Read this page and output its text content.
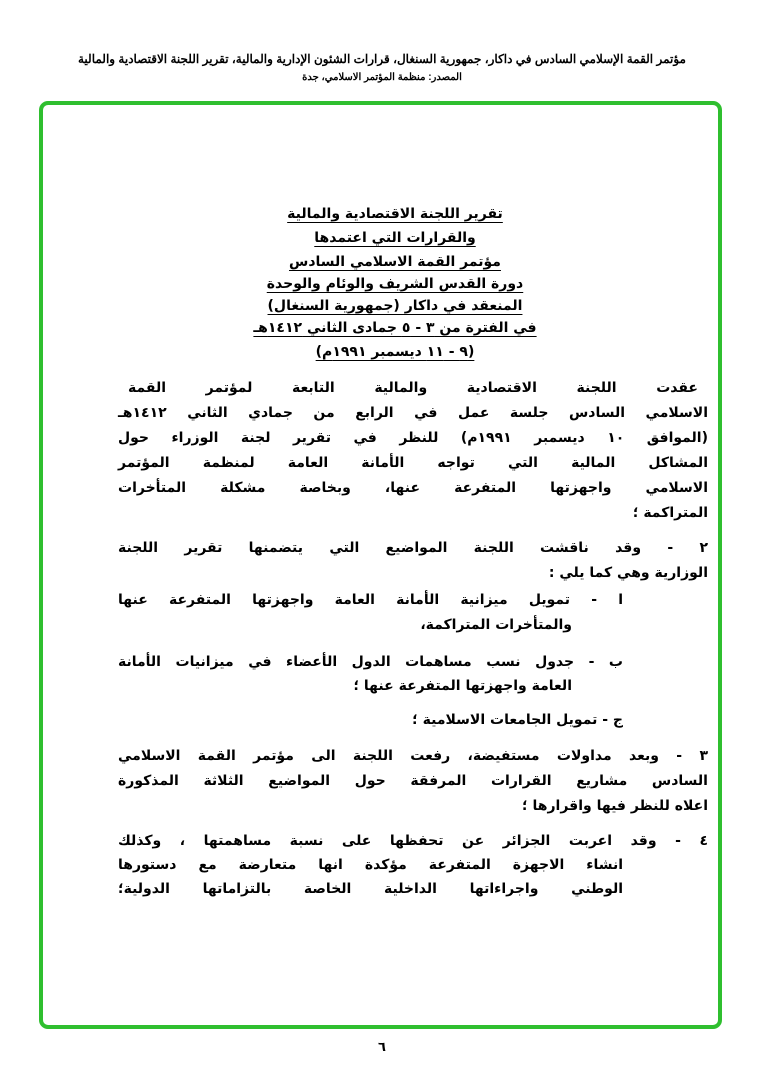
مؤتمر القمة الإسلامي السادس في داكار، جمهورية السنغال، قرارات الشئون الإدارية والمالية، تقرير اللجنة الاقتصادية والمالية
المصدر: منظمة المؤتمر الاسلامي، جدة
تقرير اللجنة الاقتصادية والمالية
والقرارات التي اعتمدها
مؤتمر القمة الاسلامي السادس
دورة القدس الشريف والوئام والوحدة
المنعقد في داكار (جمهورية السنغال)
في الفترة من ٣ - ٥ جمادى الثاني ١٤١٢هـ
(٩ - ١١ ديسمبر ١٩٩١م)
عقدت اللجنة الاقتصادية والمالية التابعة لمؤتمر القمة
الاسلامي السادس جلسة عمل في الرابع من جمادي الثاني ١٤١٢هـ
(الموافق ١٠ ديسمبر ١٩٩١م) للنظر في تقرير لجنة الوزراء حول
المشاكل المالية التي تواجه الأمانة العامة لمنظمة المؤتمر
الاسلامي واجهزتها المتفرعة عنها، وبخاصة مشكلة المتأخرات
المتراكمة ؛
٢ - وقد ناقشت اللجنة المواضيع التي يتضمنها تقرير اللجنة
الوزارية وهي كما يلي :
ا - تمويل ميزانية الأمانة العامة واجهزتها المتفرعة عنها
والمتأخرات المتراكمة،
ب - جدول نسب مساهمات الدول الأعضاء في ميزانيات الأمانة
العامة واجهزتها المتفرعة عنها ؛
ج - تمويل الجامعات الاسلامية ؛
٣ - وبعد مداولات مستفيضة، رفعت اللجنة الى مؤتمر القمة الاسلامي
السادس مشاريع القرارات المرفقة حول المواضيع الثلاثة المذكورة
اعلاه للنظر فيها واقرارها ؛
٤ - وقد اعربت الجزائر عن تحفظها على نسبة مساهمتها ، وكذلك
انشاء الاجهزة المتفرعة مؤكدة انها متعارضة مع دستورها
الوطني واجراءاتها الداخلية الخاصة بالتزاماتها الدولية؛
٦
